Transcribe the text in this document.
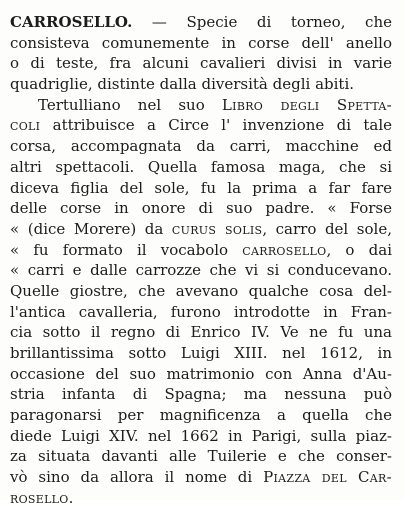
CARROSELLO. — Specie di torneo, che
consisteva comunemente in corse dell' anello
o di teste, fra alcuni cavalieri divisi in varie
quadriglie, distinte dalla diversità degli abiti.
Tertulliano nel suo Libro degli Spetta-
coli attribuisce a Circe l' invenzione di tale
corsa, accompagnata da carri, macchine ed
altri spettacoli. Quella famosa maga, che si
diceva figlia del sole, fu la prima a far fare
delle corse in onore di suo padre. « Forse
« (dice Morere) da curus solis, carro del sole,
« fu formato il vocabolo carrosello, o dai
« carri e dalle carrozze che vi si conducevano.
Quelle giostre, che avevano qualche cosa del-
l'antica cavalleria, furono introdotte in Fran-
cia sotto il regno di Enrico IV. Ve ne fu una
brillantissima sotto Luigi XIII. nel 1612, in
occasione del suo matrimonio con Anna d'Au-
stria infanta di Spagna; ma nessuna può
paragonarsi per magnificenza a quella che
diede Luigi XIV. nel 1662 in Parigi, sulla piaz-
za situata davanti alle Tuilerie e che conser-
vò sino da allora il nome di Piazza del Car-
rosello.
